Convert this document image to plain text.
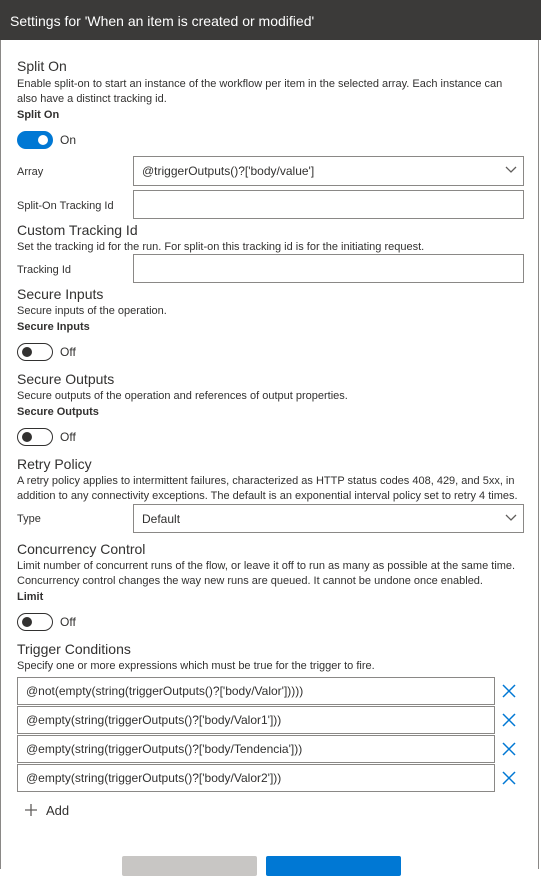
Settings for 'When an item is created or modified'
Split On
Enable split-on to start an instance of the workflow per item in the selected array. Each instance can also have a distinct tracking id.
Split On
On
Array	@triggerOutputs()?['body/value']
Split-On Tracking Id
Custom Tracking Id
Set the tracking id for the run. For split-on this tracking id is for the initiating request.
Tracking Id
Secure Inputs
Secure inputs of the operation.
Secure Inputs
Off
Secure Outputs
Secure outputs of the operation and references of output properties.
Secure Outputs
Off
Retry Policy
A retry policy applies to intermittent failures, characterized as HTTP status codes 408, 429, and 5xx, in addition to any connectivity exceptions. The default is an exponential interval policy set to retry 4 times.
Type	Default
Concurrency Control
Limit number of concurrent runs of the flow, or leave it off to run as many as possible at the same time. Concurrency control changes the way new runs are queued. It cannot be undone once enabled.
Limit
Off
Trigger Conditions
Specify one or more expressions which must be true for the trigger to fire.
@not(empty(string(triggerOutputs()?['body/Valor']))))
@empty(string(triggerOutputs()?['body/Valor1']))
@empty(string(triggerOutputs()?['body/Tendencia']))
@empty(string(triggerOutputs()?['body/Valor2']))
Add
